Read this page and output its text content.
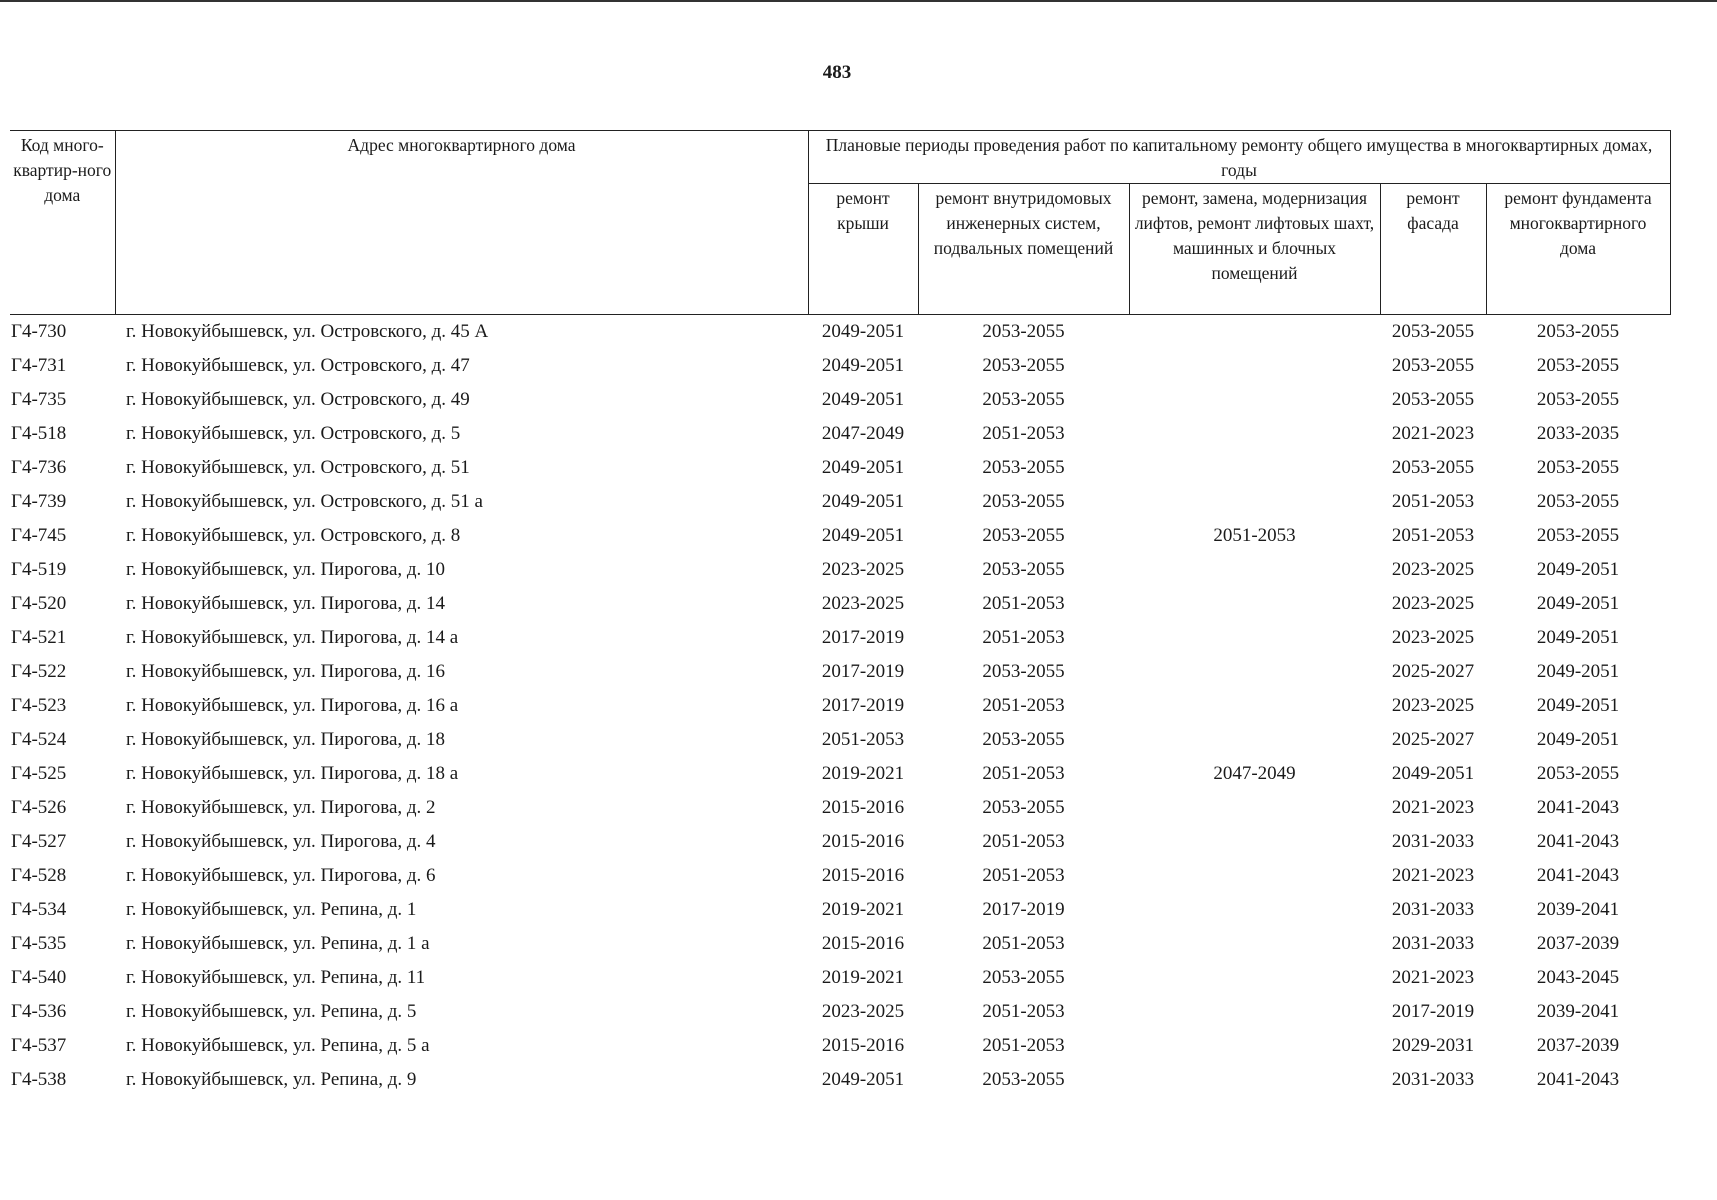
483
Код много-квартир-ного дома	Адрес многоквартирного дома	Плановые периоды проведения работ по капитальному ремонту общего имущества в многоквартирных домах, годы				
		ремонт крыши	ремонт внутридомовых инженерных систем, подвальных помещений	ремонт, замена, модернизация лифтов, ремонт лифтовых шахт, машинных и блочных помещений	ремонт фасада	ремонт фундамента многоквартирного дома
Г4-730	г. Новокуйбышевск, ул. Островского, д. 45 А	2049-2051	2053-2055		2053-2055	2053-2055
Г4-731	г. Новокуйбышевск, ул. Островского, д. 47	2049-2051	2053-2055		2053-2055	2053-2055
Г4-735	г. Новокуйбышевск, ул. Островского, д. 49	2049-2051	2053-2055		2053-2055	2053-2055
Г4-518	г. Новокуйбышевск, ул. Островского, д. 5	2047-2049	2051-2053		2021-2023	2033-2035
Г4-736	г. Новокуйбышевск, ул. Островского, д. 51	2049-2051	2053-2055		2053-2055	2053-2055
Г4-739	г. Новокуйбышевск, ул. Островского, д. 51 а	2049-2051	2053-2055		2051-2053	2053-2055
Г4-745	г. Новокуйбышевск, ул. Островского, д. 8	2049-2051	2053-2055	2051-2053	2051-2053	2053-2055
Г4-519	г. Новокуйбышевск, ул. Пирогова, д. 10	2023-2025	2053-2055		2023-2025	2049-2051
Г4-520	г. Новокуйбышевск, ул. Пирогова, д. 14	2023-2025	2051-2053		2023-2025	2049-2051
Г4-521	г. Новокуйбышевск, ул. Пирогова, д. 14 а	2017-2019	2051-2053		2023-2025	2049-2051
Г4-522	г. Новокуйбышевск, ул. Пирогова, д. 16	2017-2019	2053-2055		2025-2027	2049-2051
Г4-523	г. Новокуйбышевск, ул. Пирогова, д. 16 а	2017-2019	2051-2053		2023-2025	2049-2051
Г4-524	г. Новокуйбышевск, ул. Пирогова, д. 18	2051-2053	2053-2055		2025-2027	2049-2051
Г4-525	г. Новокуйбышевск, ул. Пирогова, д. 18 а	2019-2021	2051-2053	2047-2049	2049-2051	2053-2055
Г4-526	г. Новокуйбышевск, ул. Пирогова, д. 2	2015-2016	2053-2055		2021-2023	2041-2043
Г4-527	г. Новокуйбышевск, ул. Пирогова, д. 4	2015-2016	2051-2053		2031-2033	2041-2043
Г4-528	г. Новокуйбышевск, ул. Пирогова, д. 6	2015-2016	2051-2053		2021-2023	2041-2043
Г4-534	г. Новокуйбышевск, ул. Репина, д. 1	2019-2021	2017-2019		2031-2033	2039-2041
Г4-535	г. Новокуйбышевск, ул. Репина, д. 1 а	2015-2016	2051-2053		2031-2033	2037-2039
Г4-540	г. Новокуйбышевск, ул. Репина, д. 11	2019-2021	2053-2055		2021-2023	2043-2045
Г4-536	г. Новокуйбышевск, ул. Репина, д. 5	2023-2025	2051-2053		2017-2019	2039-2041
Г4-537	г. Новокуйбышевск, ул. Репина, д. 5 а	2015-2016	2051-2053		2029-2031	2037-2039
Г4-538	г. Новокуйбышевск, ул. Репина, д. 9	2049-2051	2053-2055		2031-2033	2041-2043
